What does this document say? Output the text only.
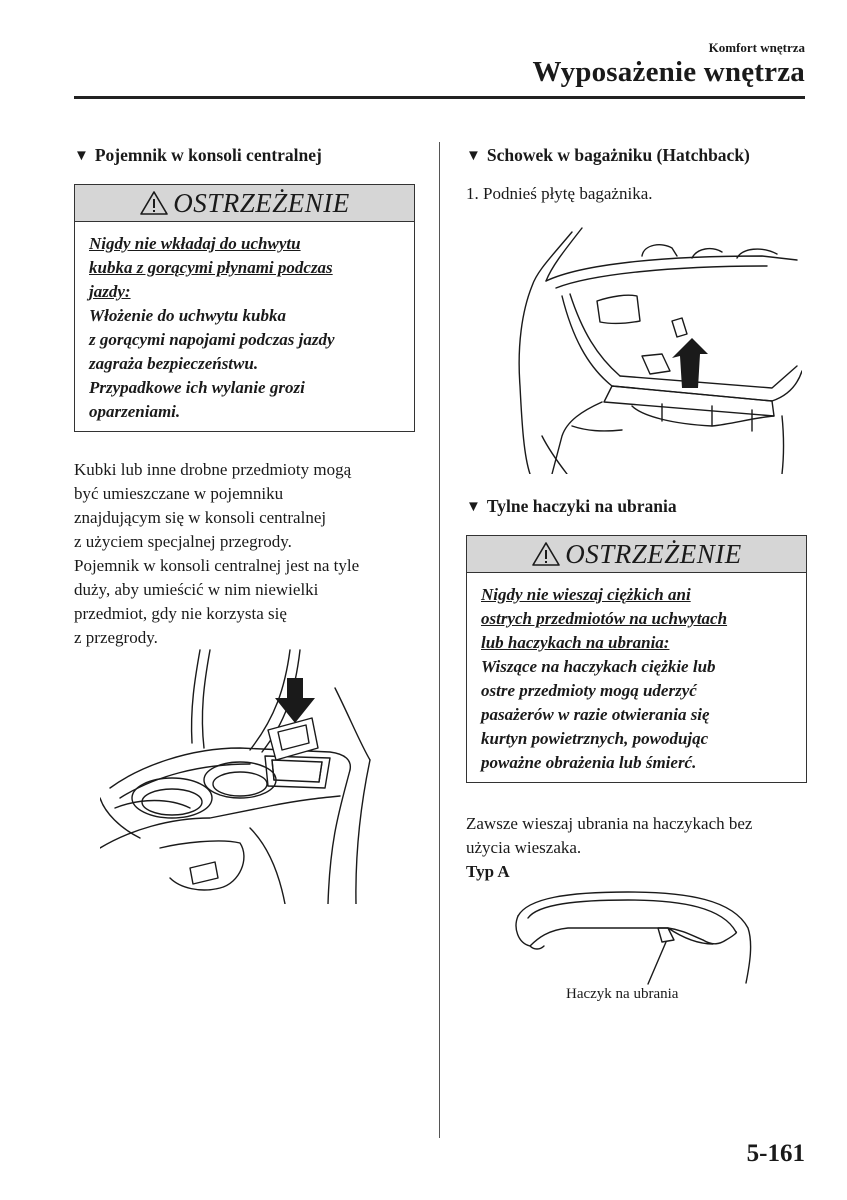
Komfort wnętrza
Wyposażenie wnętrza
▼ Pojemnik w konsoli centralnej
OSTRZEŻENIE
Nigdy nie wkładaj do uchwytu
kubka z gorącymi płynami podczas
jazdy:
Włożenie do uchwytu kubka
z gorącymi napojami podczas jazdy
zagraża bezpieczeństwu.
Przypadkowe ich wylanie grozi
oparzeniami.
Kubki lub inne drobne przedmioty mogą
być umieszczane w pojemniku
znajdującym się w konsoli centralnej
z użyciem specjalnej przegrody.
Pojemnik w konsoli centralnej jest na tyle
duży, aby umieścić w nim niewielki
przedmiot, gdy nie korzysta się
z przegrody.
▼ Schowek w bagażniku (Hatchback)
1. Podnieś płytę bagażnika.
▼ Tylne haczyki na ubrania
OSTRZEŻENIE
Nigdy nie wieszaj ciężkich ani
ostrych przedmiotów na uchwytach
lub haczykach na ubrania:
Wiszące na haczykach ciężkie lub
ostre przedmioty mogą uderzyć
pasażerów w razie otwierania się
kurtyn powietrznych, powodując
poważne obrażenia lub śmierć.
Zawsze wieszaj ubrania na haczykach bez
użycia wieszaka.
Typ A
Haczyk na ubrania
5-161
